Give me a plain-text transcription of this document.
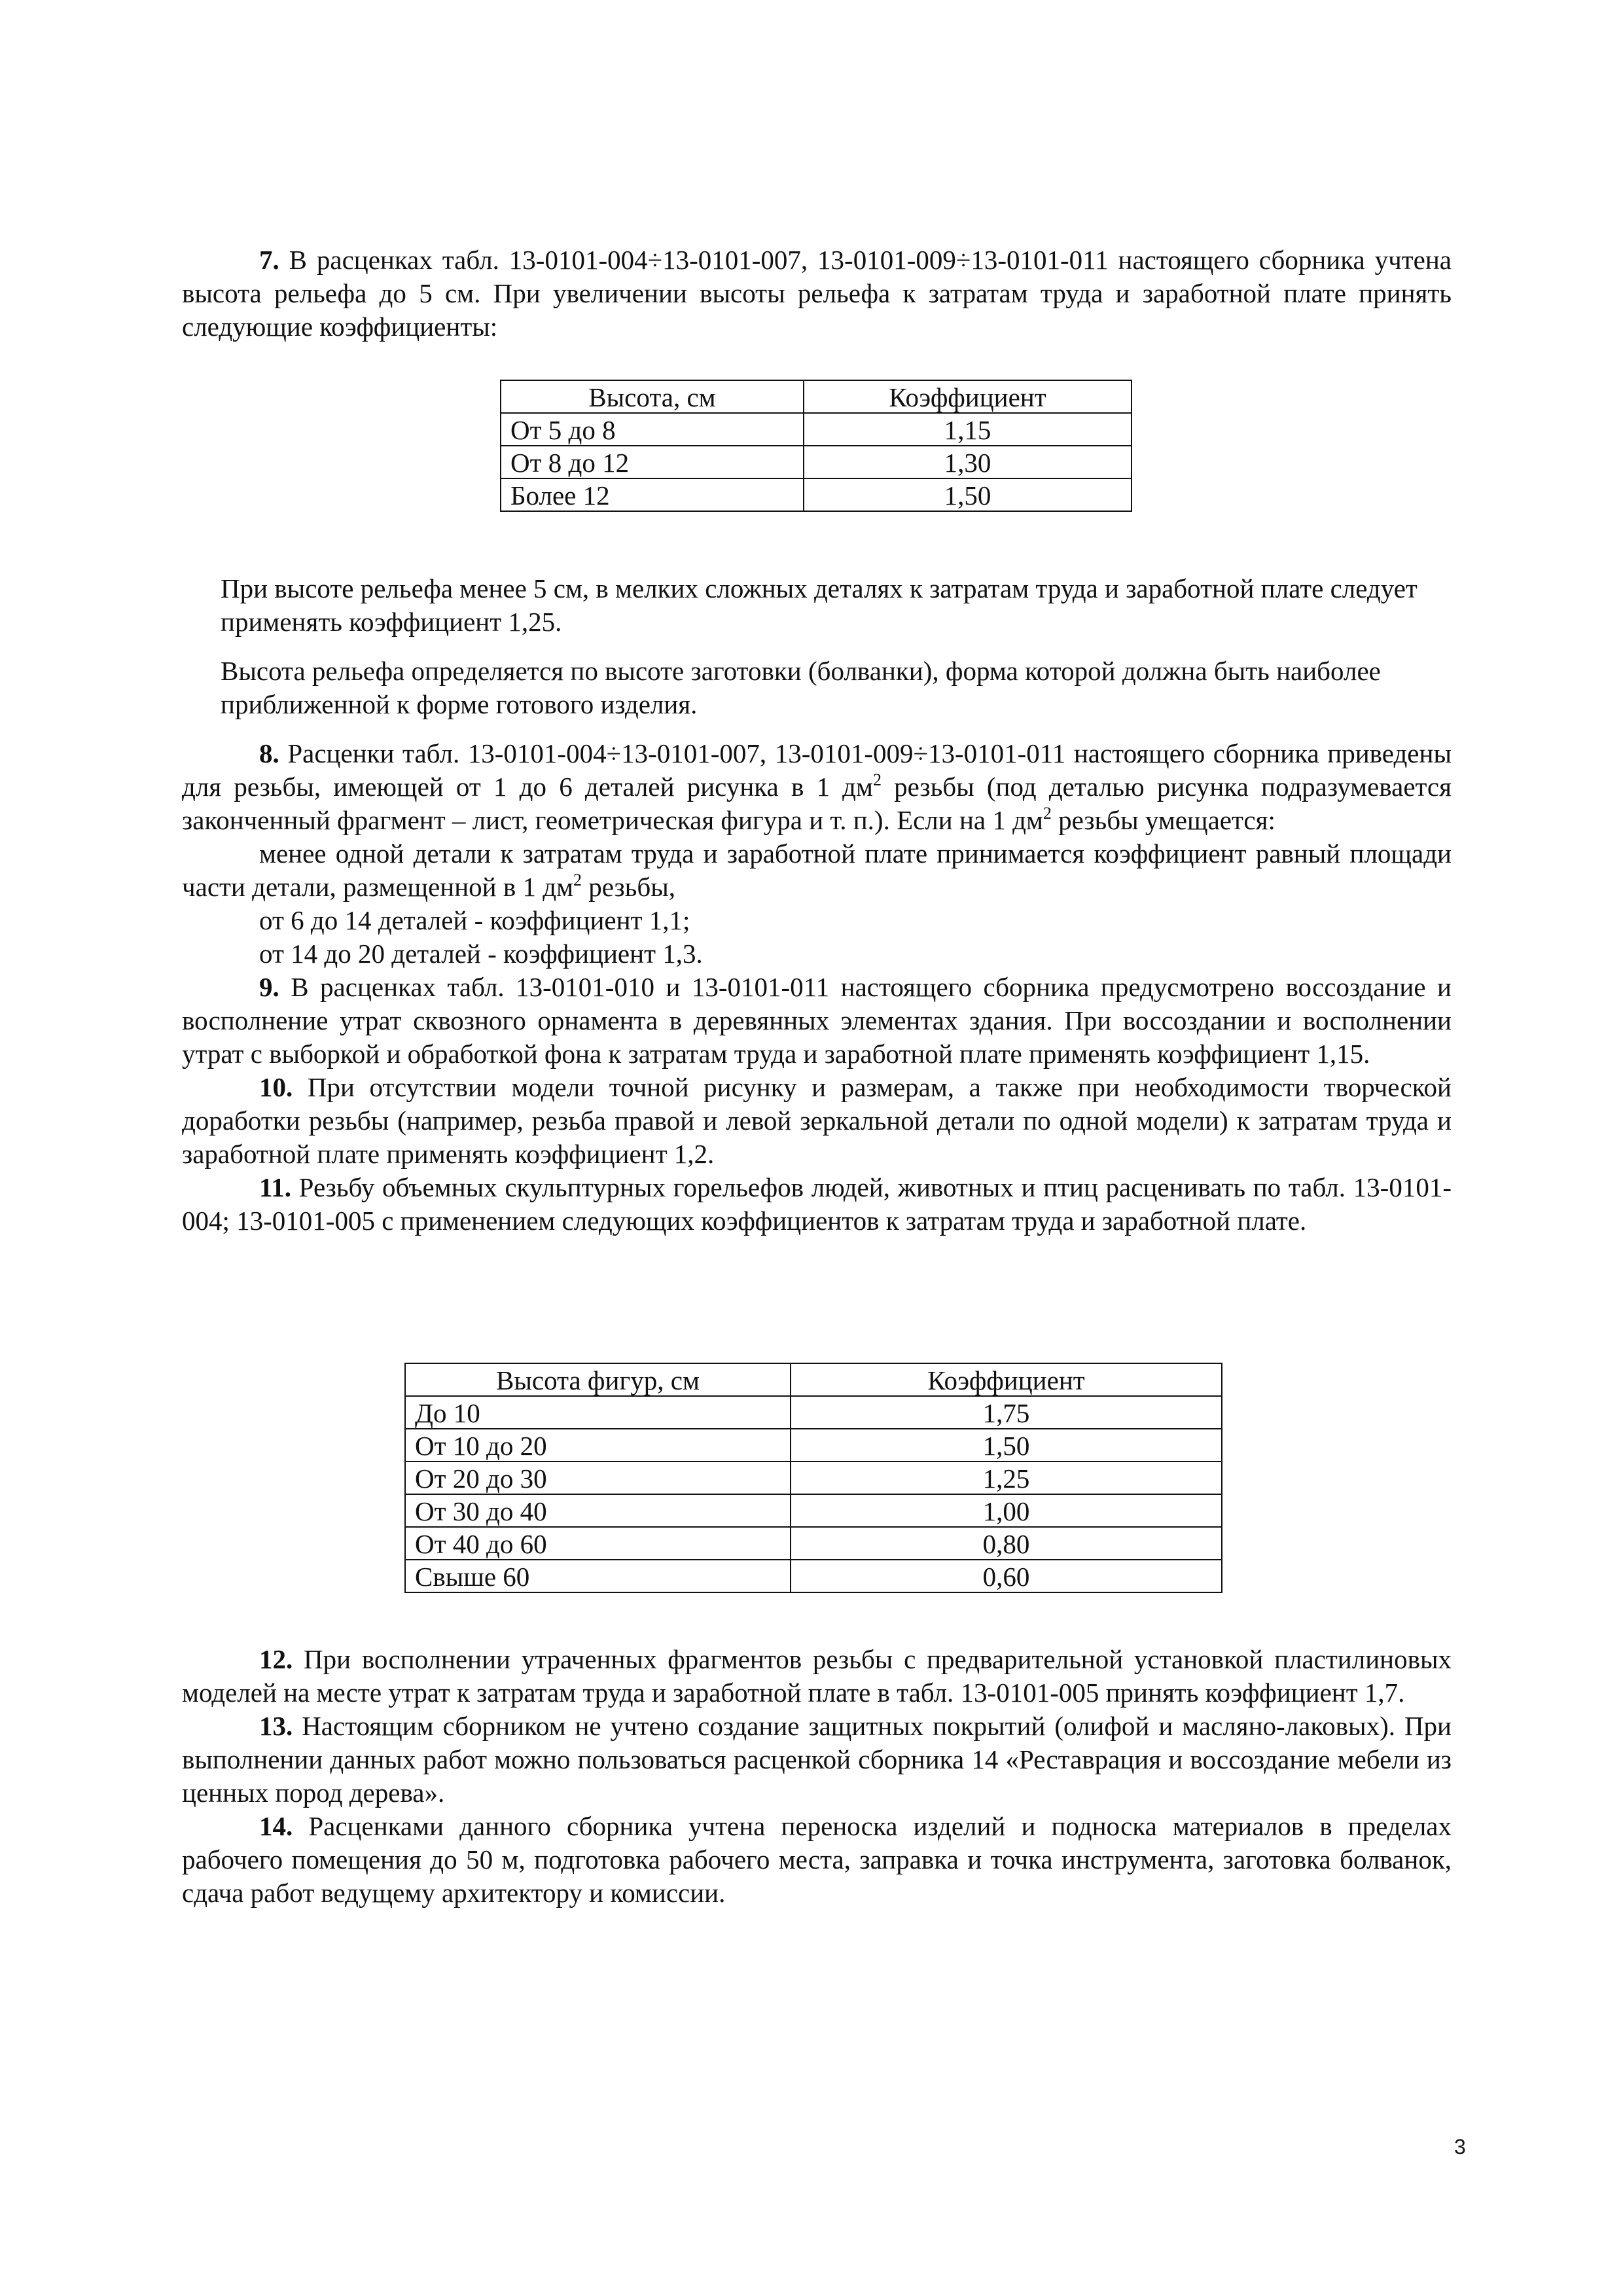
7. В расценках табл. 13-0101-004÷13-0101-007, 13-0101-009÷13-0101-011 настоящего сборника учтена высота рельефа до 5 см. При увеличении высоты рельефа к затратам труда и заработной плате принять следующие коэффициенты:

Высота, см	Коэффициент
От 5 до 8	1,15
От 8 до 12	1,30
Более 12	1,50

При высоте рельефа менее 5 см, в мелких сложных деталях к затратам труда и заработной плате следует применять коэффициент 1,25.

Высота рельефа определяется по высоте заготовки (болванки), форма которой должна быть наиболее приближенной к форме готового изделия.

8. Расценки табл. 13-0101-004÷13-0101-007, 13-0101-009÷13-0101-011 настоящего сборника приведены для резьбы, имеющей от 1 до 6 деталей рисунка в 1 $дм^2$ резьбы (под деталью рисунка подразумевается законченный фрагмент – лист, геометрическая фигура и т. п.). Если на 1 $дм^2$ резьбы умещается:

менее одной детали к затратам труда и заработной плате принимается коэффициент равный площади части детали, размещенной в 1 $дм^2$ резьбы,

от 6 до 14 деталей - коэффициент 1,1;

от 14 до 20 деталей - коэффициент 1,3.

9. В расценках табл. 13-0101-010 и 13-0101-011 настоящего сборника предусмотрено воссоздание и восполнение утрат сквозного орнамента в деревянных элементах здания. При воссоздании и восполнении утрат с выборкой и обработкой фона к затратам труда и заработной плате применять коэффициент 1,15.

10. При отсутствии модели точной рисунку и размерам, а также при необходимости творческой доработки резьбы (например, резьба правой и левой зеркальной детали по одной модели) к затратам труда и заработной плате применять коэффициент 1,2.

11. Резьбу объемных скульптурных горельефов людей, животных и птиц расценивать по табл. 13-0101-004; 13-0101-005 с применением следующих коэффициентов к затратам труда и заработной плате.

Высота фигур, см	Коэффициент
До 10	1,75
От 10 до 20	1,50
От 20 до 30	1,25
От 30 до 40	1,00
От 40 до 60	0,80
Свыше 60	0,60

12. При восполнении утраченных фрагментов резьбы с предварительной установкой пластилиновых моделей на месте утрат к затратам труда и заработной плате в табл. 13-0101-005 принять коэффициент 1,7.

13. Настоящим сборником не учтено создание защитных покрытий (олифой и масляно-лаковых). При выполнении данных работ можно пользоваться расценкой сборника 14 «Реставрация и воссоздание мебели из ценных пород дерева».

14. Расценками данного сборника учтена переноска изделий и подноска материалов в пределах рабочего помещения до 50 м, подготовка рабочего места, заправка и точка инструмента, заготовка болванок, сдача работ ведущему архитектору и комиссии.

3
